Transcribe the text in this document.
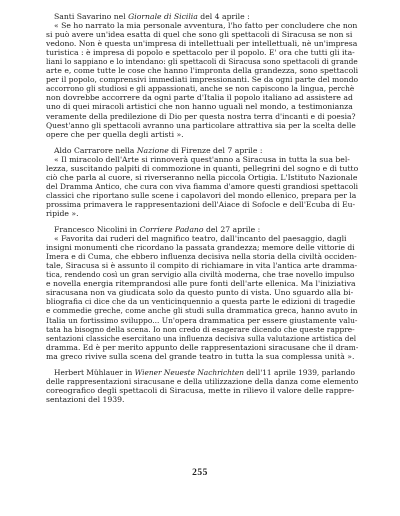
Santi Savarino nel Giornale di Sicilia del 4 aprile :
« Se ho narrato la mia personale avventura, l'ho fatto per concludere che non
si può avere un'idea esatta di quel che sono gli spettacoli di Siracusa se non si
vedono. Non è questa un'impresa di intellettuali per intellettuali, nè un'impresa
turistica : è impresa di popolo e spettacolo per il popolo. E' ora che tutti gli ita-
liani lo sappiano e lo intendano: gli spettacoli di Siracusa sono spettacoli di grande
arte e, come tutte le cose che hanno l'impronta della grandezza, sono spettacoli
per il popolo, comprensivi immediati impressionanti. Se da ogni parte del mondo
accorrono gli studiosi e gli appassionati, anche se non capiscono la lingua, perchè
non dovrebbe accorrere da ogni parte d'Italia il popolo italiano ad assistere ad
uno di quei miracoli artistici che non hanno uguali nel mondo, a testimonianza
veramente della predilezione di Dio per questa nostra terra d'incanti e di poesia?
Quest'anno gli spettacoli avranno una particolare attrattiva sia per la scelta delle
opere che per quella degli artisti ».
Aldo Carrarore nella Nazione di Firenze del 7 aprile :
« Il miracolo dell'Arte si rinnoverà quest'anno a Siracusa in tutta la sua bel-
lezza, suscitando palpiti di commozione in quanti, pellegrini del sogno e di tutto
ciò che parla al cuore, si riverseranno nella piccola Ortigia. L'Istituto Nazionale
del Dramma Antico, che cura con viva fiamma d'amore questi grandiosi spettacoli
classici che riportano sulle scene i capolavori del mondo ellenico, prepara per la
prossima primavera le rappresentazioni dell'Aiace di Sofocle e dell'Ecuba di Eu-
ripide ».
Francesco Nicolini in Corriere Padano del 27 aprile :
« Favorita dai ruderi del magnifico teatro, dall'incanto del paesaggio, dagli
insigni monumenti che ricordano la passata grandezza; memore delle vittorie di
Imera e di Cuma, che ebbero influenza decisiva nella storia della civiltà occiden-
tale, Siracusa si è assunto il compito di richiamare in vita l'antica arte dramma-
tica, rendendo così un gran servigio alla civiltà moderna, che trae novello impulso
e novella energia ritemprandosi alle pure fonti dell'arte ellenica. Ma l'iniziativa
siracusana non va giudicata solo da questo punto di vista. Uno sguardo alla bi-
bliografia ci dice che da un venticinquennio a questa parte le edizioni di tragedie
e commedie greche, come anche gli studi sulla drammatica greca, hanno avuto in
Italia un fortissimo sviluppo... Un'opera drammatica per essere giustamente valu-
tata ha bisogno della scena. Io non credo di esagerare dicendo che queste rappre-
sentazioni classiche esercitano una influenza decisiva sulla valutazione artistica del
dramma. Ed è per merito appunto delle rappresentazioni siracusane che il dram-
ma greco rivive sulla scena del grande teatro in tutta la sua complessa unità ».
Herbert Mühlauer in Wiener Neueste Nachrichten dell'11 aprile 1939, parlando
delle rappresentazioni siracusane e della utilizzazione della danza come elemento
coreografico degli spettacoli di Siracusa, mette in rilievo il valore delle rappre-
sentazioni del 1939.
255
